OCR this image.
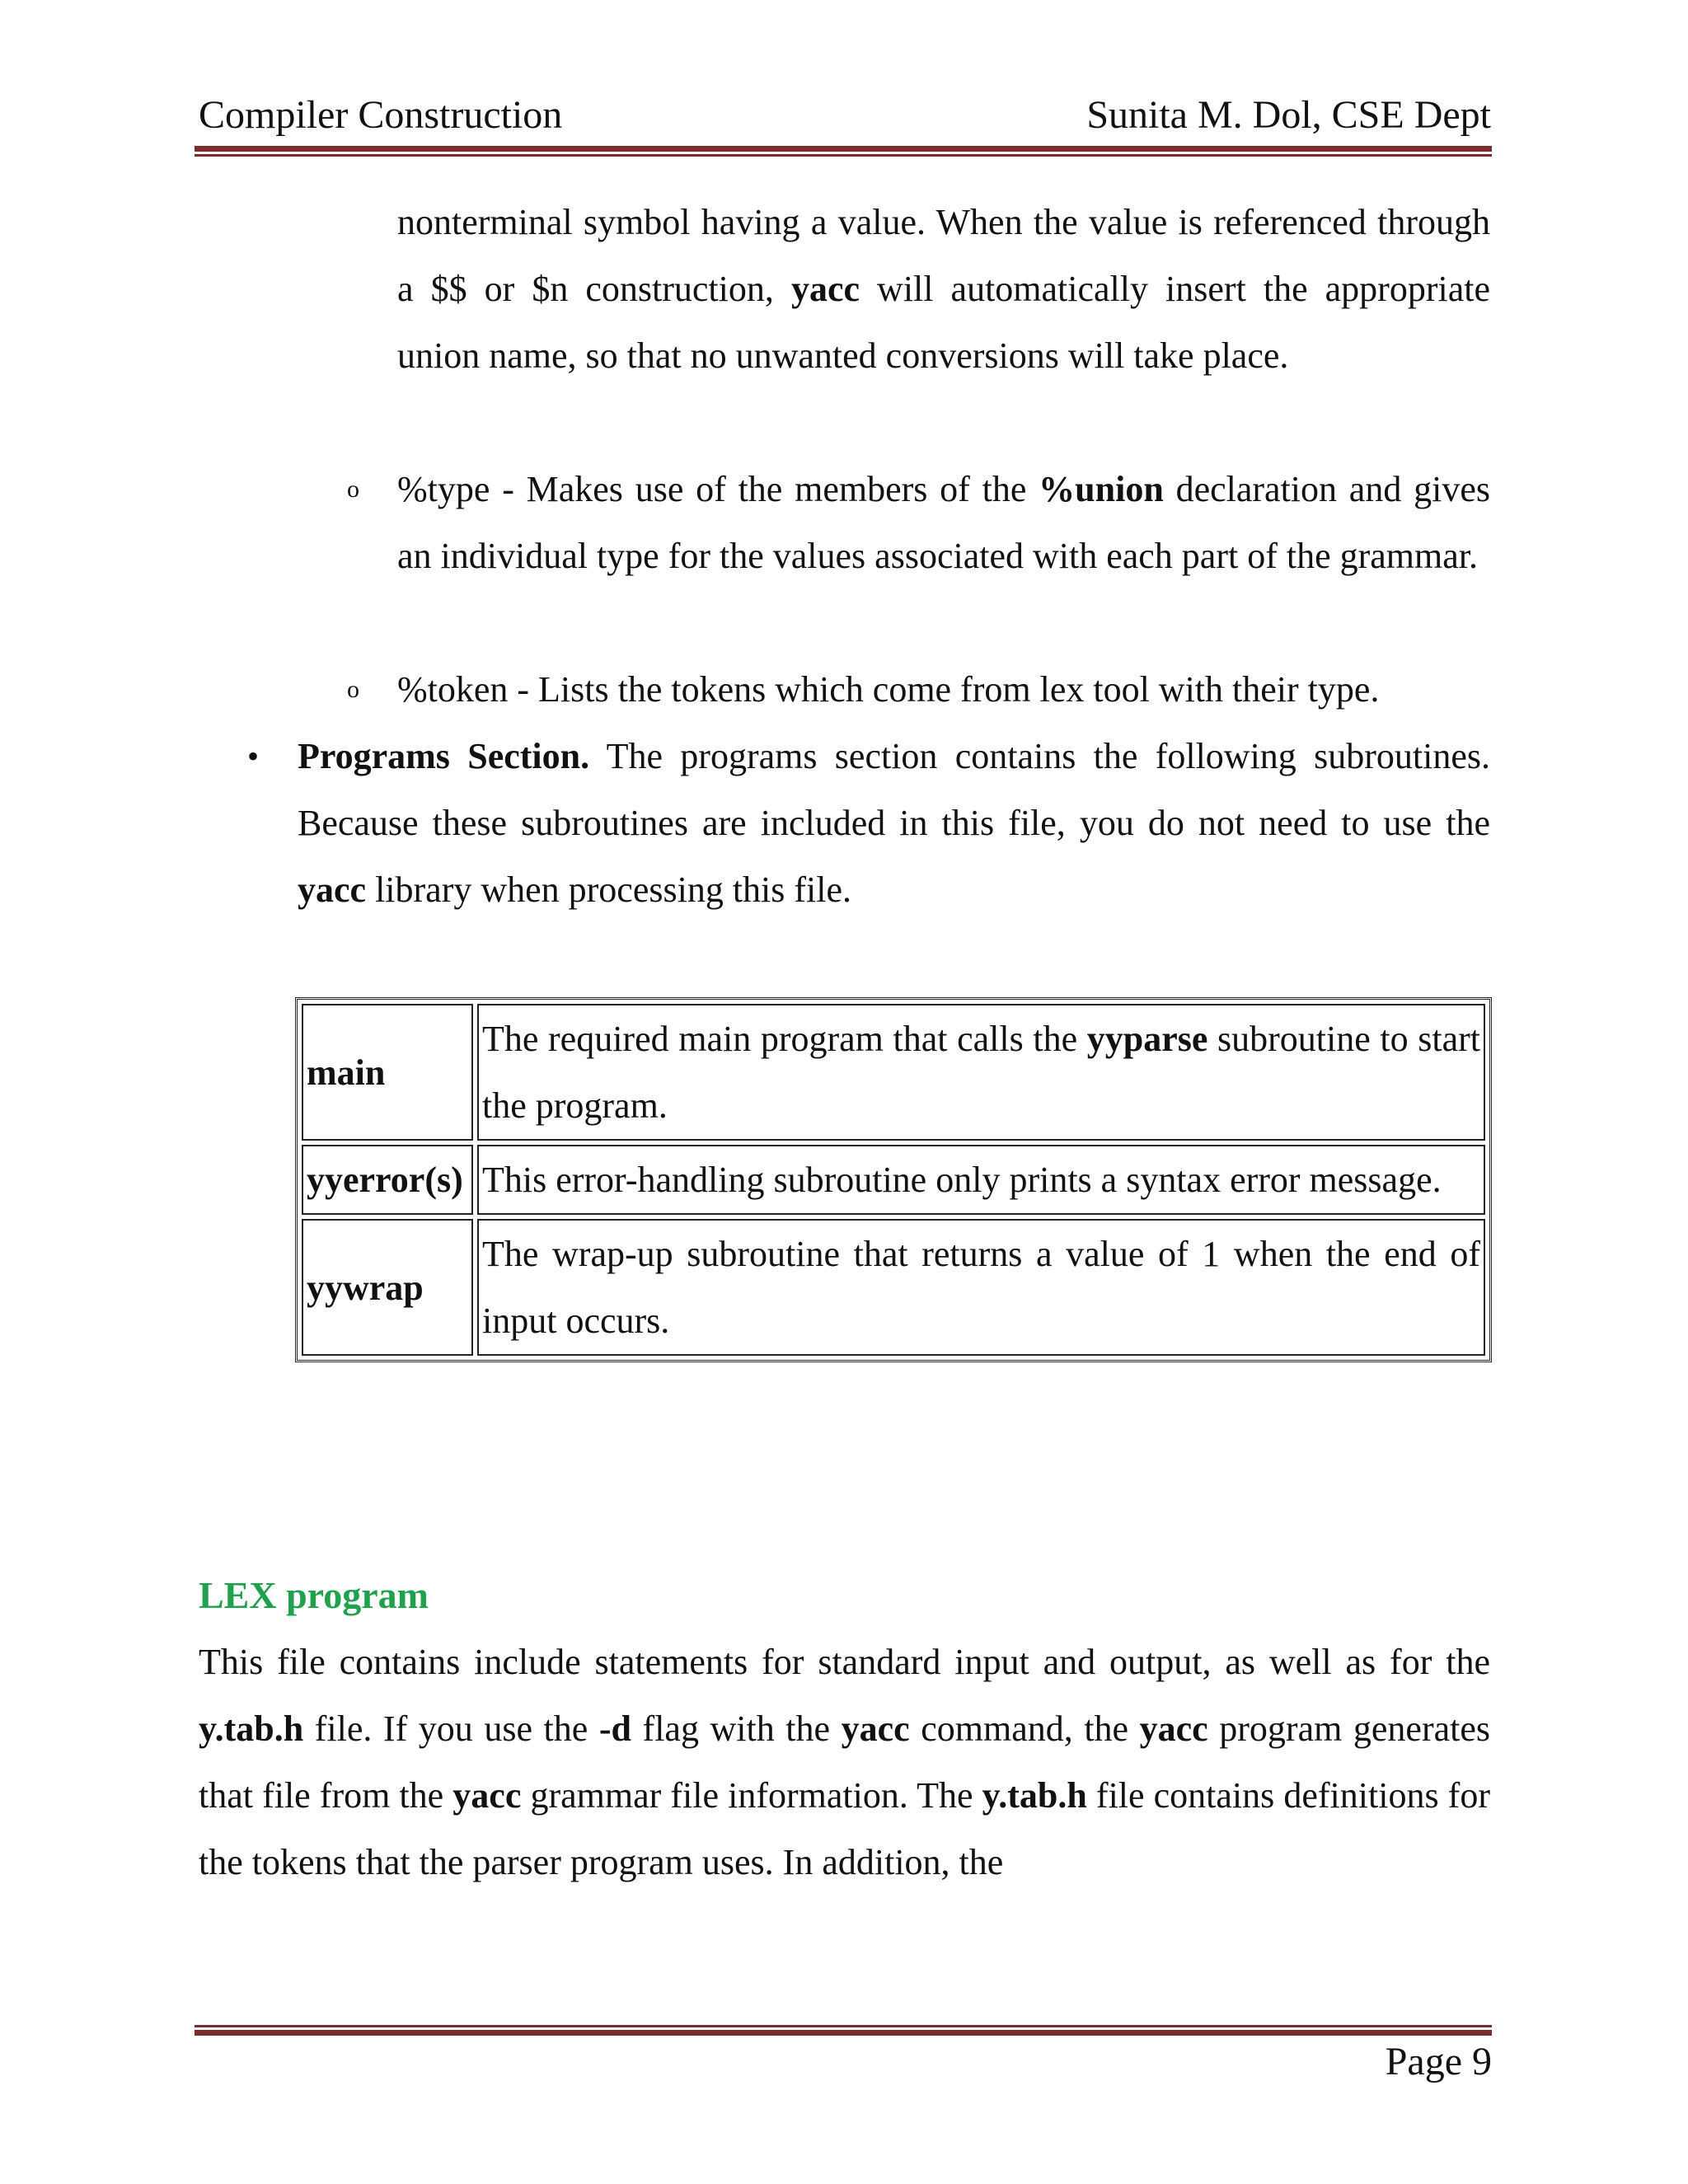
Compiler Construction	Sunita M. Dol, CSE Dept
nonterminal symbol having a value. When the value is referenced through a $$ or $n construction, yacc will automatically insert the appropriate union name, so that no unwanted conversions will take place.
o %type - Makes use of the members of the %union declaration and gives an individual type for the values associated with each part of the grammar.
o %token - Lists the tokens which come from lex tool with their type.
• Programs Section. The programs section contains the following subroutines. Because these subroutines are included in this file, you do not need to use the yacc library when processing this file.
main	The required main program that calls the yyparse subroutine to start the program.
yyerror(s)	This error-handling subroutine only prints a syntax error message.
yywrap	The wrap-up subroutine that returns a value of 1 when the end of input occurs.
LEX program
This file contains include statements for standard input and output, as well as for the y.tab.h file. If you use the -d flag with the yacc command, the yacc program generates that file from the yacc grammar file information. The y.tab.h file contains definitions for the tokens that the parser program uses. In addition, the
Page 9
